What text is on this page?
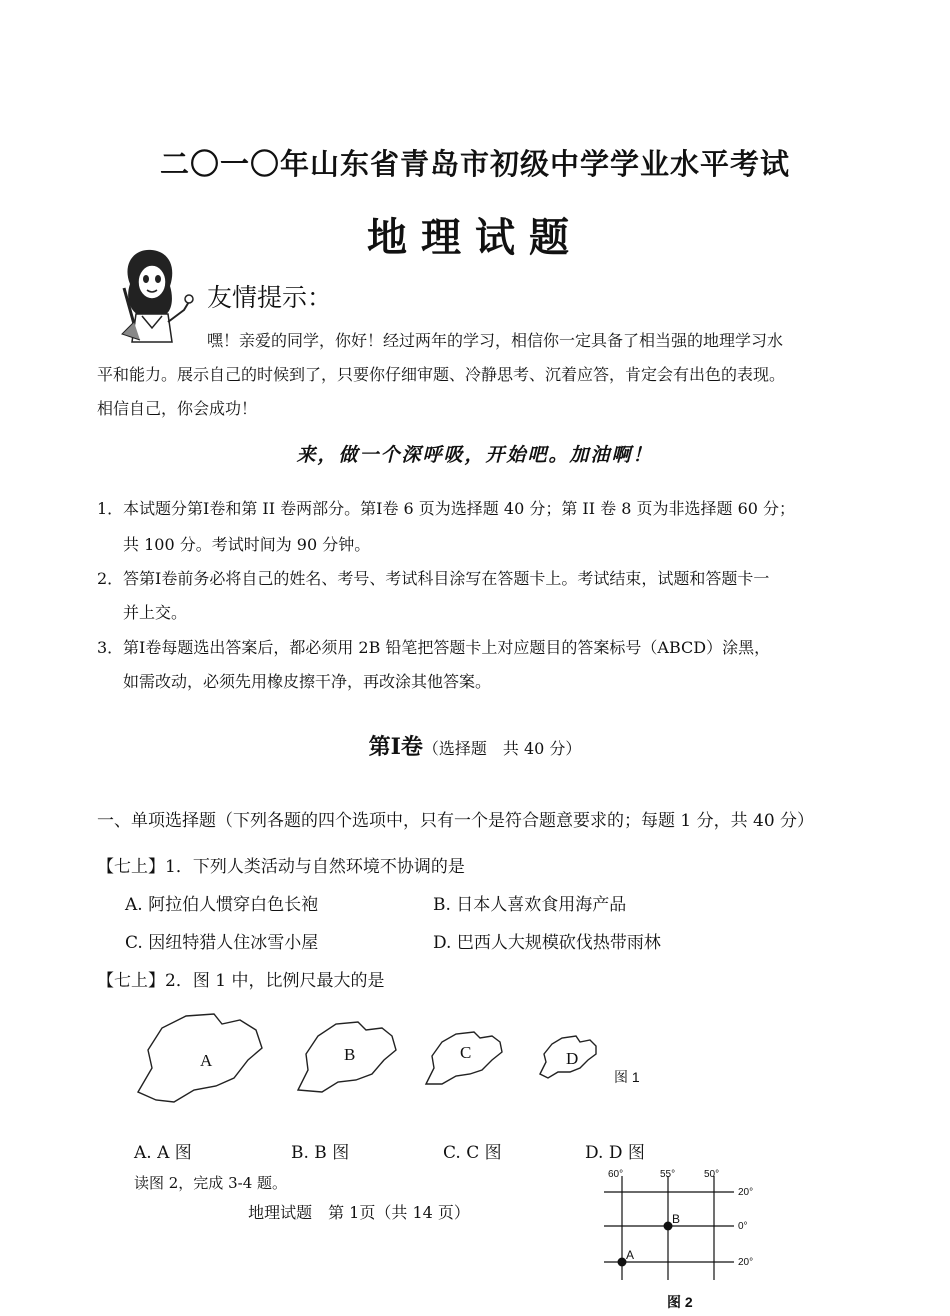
二〇一〇年山东省青岛市初级中学学业水平考试
地理试题
友情提示：
嘿！亲爱的同学，你好！经过两年的学习，相信你一定具备了相当强的地理学习水
平和能力。展示自己的时候到了，只要你仔细审题、冷静思考、沉着应答，肯定会有出色的表现。
相信自己，你会成功！
来，做一个深呼吸，开始吧。加油啊！
1． 本试题分第Ⅰ卷和第 II 卷两部分。第Ⅰ卷 6 页为选择题 40 分；第 II 卷 8 页为非选择题 60 分；
共 100 分。考试时间为 90 分钟。
2． 答第Ⅰ卷前务必将自己的姓名、考号、考试科目涂写在答题卡上。考试结束，试题和答题卡一
并上交。
3． 第Ⅰ卷每题选出答案后，都必须用 2B 铅笔把答题卡上对应题目的答案标号（ABCD）涂黑，
如需改动，必须先用橡皮擦干净，再改涂其他答案。
第Ⅰ卷（选择题　共 40 分）
一、单项选择题（下列各题的四个选项中，只有一个是符合题意要求的；每题 1 分，共 40 分）
【七上】1．下列人类活动与自然环境不协调的是
A. 阿拉伯人惯穿白色长袍	B. 日本人喜欢食用海产品
C. 因纽特猎人住冰雪小屋	D. 巴西人大规模砍伐热带雨林
【七上】2．图 1 中，比例尺最大的是
A	B	C	D
图 1
A. A 图	B. B 图	C. C 图	D. D 图
读图 2，完成 3-4 题。	60°	55°	50°
20°
0°
20°
B
A
图 2
地理试题　第 1页（共 14 页）
